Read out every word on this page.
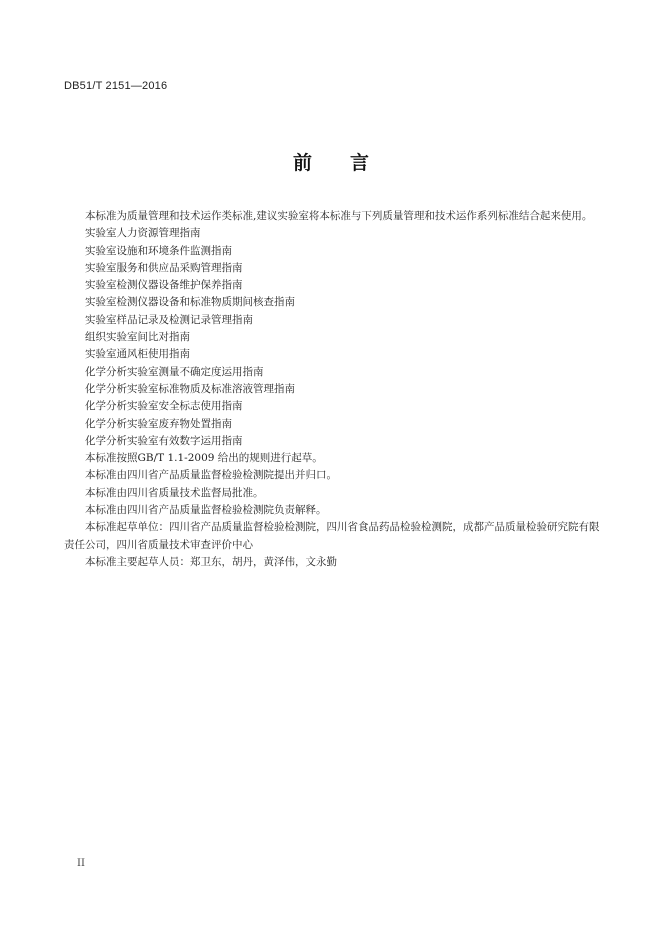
DB51/T 2151—2016
前 言

本标准为质量管理和技术运作类标准,建议实验室将本标准与下列质量管理和技术运作系列标准结合起来使用。

实验室人力资源管理指南

实验室设施和环境条件监测指南

实验室服务和供应品采购管理指南

实验室检测仪器设备维护保养指南

实验室检测仪器设备和标准物质期间核查指南

实验室样品记录及检测记录管理指南

组织实验室间比对指南

实验室通风柜使用指南

化学分析实验室测量不确定度运用指南

化学分析实验室标准物质及标准溶液管理指南

化学分析实验室安全标志使用指南

化学分析实验室废弃物处置指南

化学分析实验室有效数字运用指南

本标准按照GB/T 1.1-2009 给出的规则进行起草。

本标准由四川省产品质量监督检验检测院提出并归口。

本标准由四川省质量技术监督局批准。

本标准由四川省产品质量监督检验检测院负责解释。

本标准起草单位：四川省产品质量监督检验检测院，四川省食品药品检验检测院，成都产品质量检验研究院有限责任公司，四川省质量技术审查评价中心

本标准主要起草人员：郑卫东，胡丹，黄泽伟，文永勤

II
